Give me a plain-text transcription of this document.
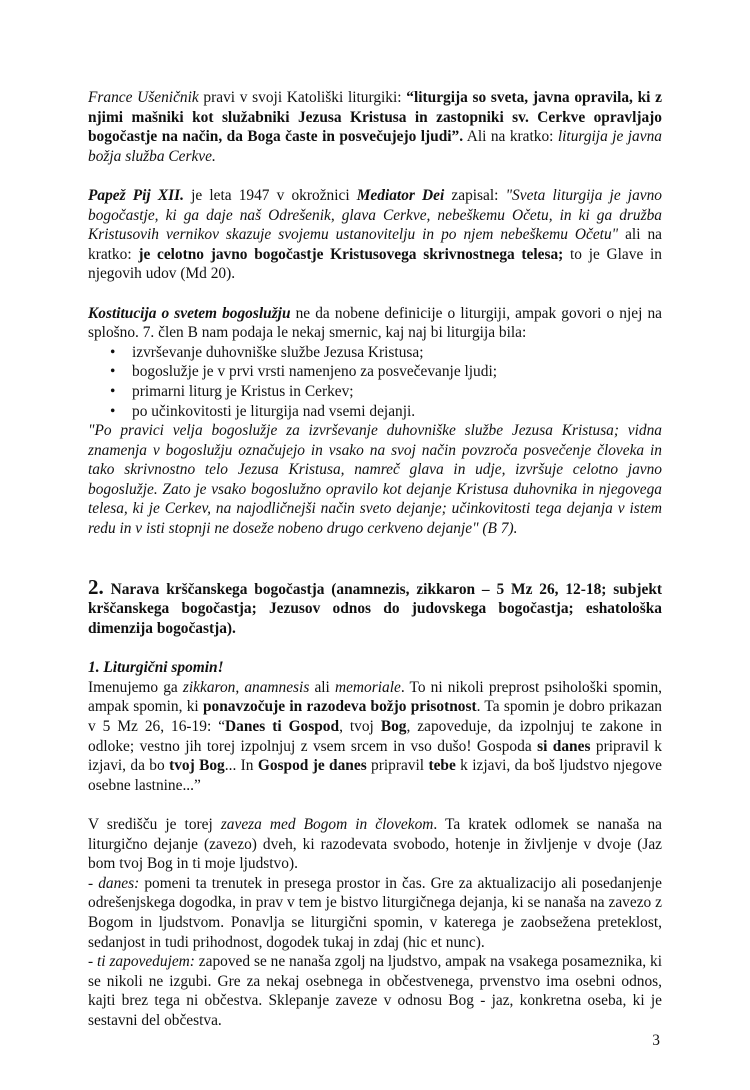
France Ušeničnik pravi v svoji Katoliški liturgiki: “liturgija so sveta, javna opravila, ki z njimi mašniki kot služabniki Jezusa Kristusa in zastopniki sv. Cerkve opravljajo bogočastje na način, da Boga časte in posvečujejo ljudi”. Ali na kratko: liturgija je javna božja služba Cerkve.

Papež Pij XII. je leta 1947 v okrožnici Mediator Dei zapisal: "Sveta liturgija je javno bogočastje, ki ga daje naš Odrešenik, glava Cerkve, nebeškemu Očetu, in ki ga družba Kristusovih vernikov skazuje svojemu ustanovitelju in po njem nebeškemu Očetu" ali na kratko: je celotno javno bogočastje Kristusovega skrivnostnega telesa; to je Glave in njegovih udov (Md 20).

Kostitucija o svetem bogoslužju ne da nobene definicije o liturgiji, ampak govori o njej na splošno. 7. člen B nam podaja le nekaj smernic, kaj naj bi liturgija bila:

• izvrševanje duhovniške službe Jezusa Kristusa;
• bogoslužje je v prvi vrsti namenjeno za posvečevanje ljudi;
• primarni liturg je Kristus in Cerkev;
• po učinkovitosti je liturgija nad vsemi dejanji.

"Po pravici velja bogoslužje za izvrševanje duhovniške službe Jezusa Kristusa; vidna znamenja v bogoslužju označujejo in vsako na svoj način povzroča posvečenje človeka in tako skrivnostno telo Jezusa Kristusa, namreč glava in udje, izvršuje celotno javno bogoslužje. Zato je vsako bogoslužno opravilo kot dejanje Kristusa duhovnika in njegovega telesa, ki je Cerkev, na najodličnejši način sveto dejanje; učinkovitosti tega dejanja v istem redu in v isti stopnji ne doseže nobeno drugo cerkveno dejanje" (B 7).

2. Narava krščanskega bogočastja (anamnezis, zikkaron – 5 Mz 26, 12-18; subjekt krščanskega bogočastja; Jezusov odnos do judovskega bogočastja; eshatološka dimenzija bogočastja).

1. Liturgični spomin!

Imenujemo ga zikkaron, anamnesis ali memoriale. To ni nikoli preprost psihološki spomin, ampak spomin, ki ponavzočuje in razodeva božjo prisotnost. Ta spomin je dobro prikazan v 5 Mz 26, 16-19: “Danes ti Gospod, tvoj Bog, zapoveduje, da izpolnjuj te zakone in odloke; vestno jih torej izpolnjuj z vsem srcem in vso dušo! Gospoda si danes pripravil k izjavi, da bo tvoj Bog... In Gospod je danes pripravil tebe k izjavi, da boš ljudstvo njegove osebne lastnine...”

V središču je torej zaveza med Bogom in človekom. Ta kratek odlomek se nanaša na liturgično dejanje (zavezo) dveh, ki razodevata svobodo, hotenje in življenje v dvoje (Jaz bom tvoj Bog in ti moje ljudstvo).

- danes: pomeni ta trenutek in presega prostor in čas. Gre za aktualizacijo ali posedanjenje odrešenjskega dogodka, in prav v tem je bistvo liturgičnega dejanja, ki se nanaša na zavezo z Bogom in ljudstvom. Ponavlja se liturgični spomin, v katerega je zaobsežena preteklost, sedanjost in tudi prihodnost, dogodek tukaj in zdaj (hic et nunc).

- ti zapovedujem: zapoved se ne nanaša zgolj na ljudstvo, ampak na vsakega posameznika, ki se nikoli ne izgubi. Gre za nekaj osebnega in občestvenega, prvenstvo ima osebni odnos, kajti brez tega ni občestva. Sklepanje zaveze v odnosu Bog - jaz, konkretna oseba, ki je sestavni del občestva.

3
